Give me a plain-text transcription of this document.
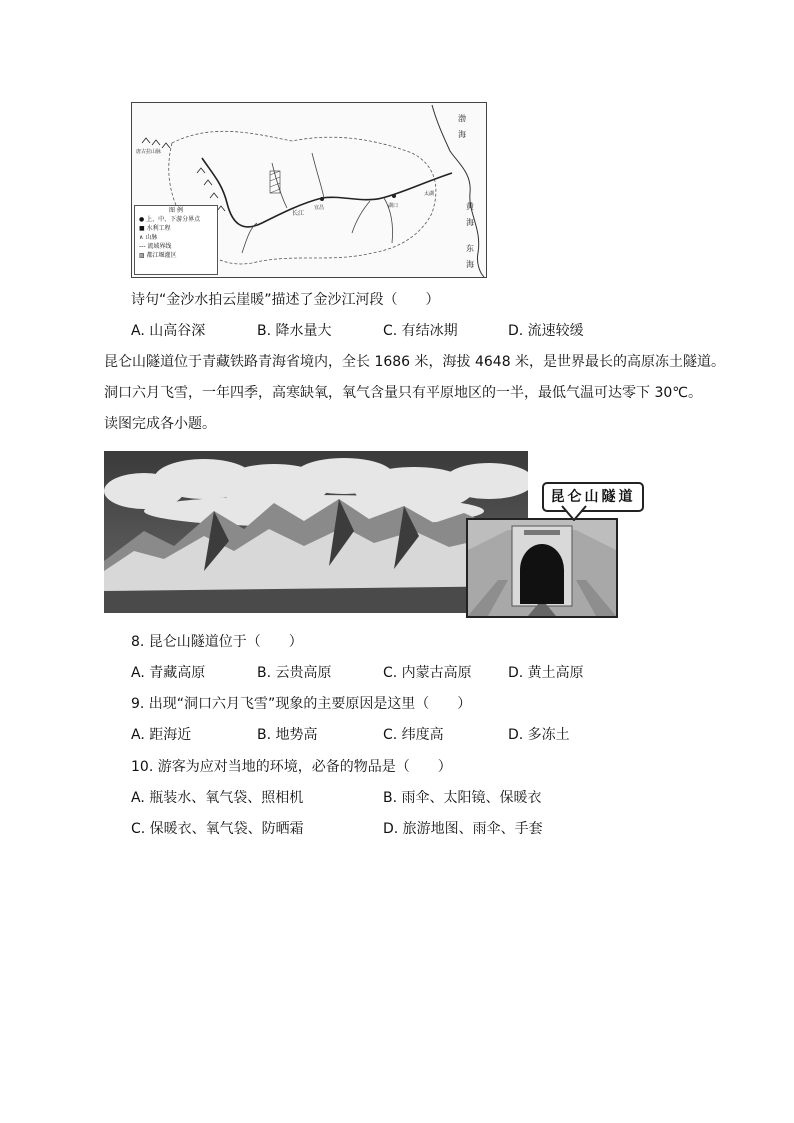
渤
海
黄
海
东
海
太湖
唐古拉山脉
长江
宜昌	湖口
图 例
● 上、中、下游分界点
■ 水利工程
∧ 山脉
--- 流域界线
▨ 都江堰灌区
诗句“金沙水拍云崖暖”描述了金沙江河段（　　）
A. 山高谷深	B. 降水量大	C. 有结冰期	D. 流速较缓
昆仑山隧道位于青藏铁路青海省境内，全长 1686 米，海拔 4648 米，是世界最长的高原冻土隧道。
洞口六月飞雪，一年四季，高寒缺氧，氧气含量只有平原地区的一半，最低气温可达零下 30℃。
读图完成各小题。
昆仑山隧道
8. 昆仑山隧道位于（　　）
A. 青藏高原	B. 云贵高原	C. 内蒙古高原	D. 黄土高原
9. 出现“洞口六月飞雪”现象的主要原因是这里（　　）
A. 距海近	B. 地势高	C. 纬度高	D. 多冻土
10. 游客为应对当地的环境，必备的物品是（　　）
A. 瓶装水、氧气袋、照相机	B. 雨伞、太阳镜、保暖衣
C. 保暖衣、氧气袋、防晒霜	D. 旅游地图、雨伞、手套
